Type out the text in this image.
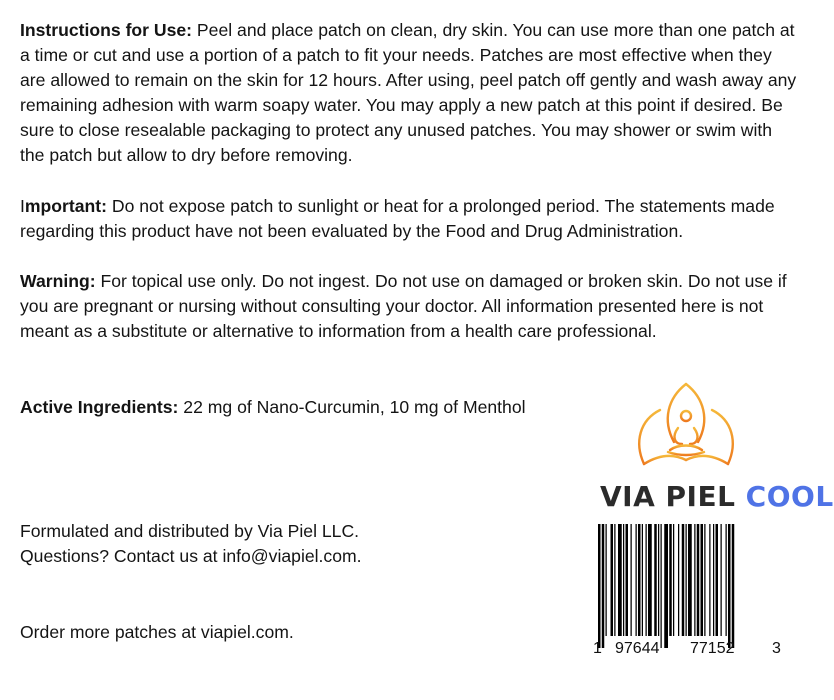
Instructions for Use: Peel and place patch on clean, dry skin. You can use more than one patch at a time or cut and use a portion of a patch to fit your needs. Patches are most effective when they are allowed to remain on the skin for 12 hours. After using, peel patch off gently and wash away any remaining adhesion with warm soapy water. You may apply a new patch at this point if desired. Be sure to close resealable packaging to protect any unused patches. You may shower or swim with the patch but allow to dry before removing.
Important: Do not expose patch to sunlight or heat for a prolonged period. The statements made regarding this product have not been evaluated by the Food and Drug Administration.
Warning: For topical use only. Do not ingest. Do not use on damaged or broken skin. Do not use if you are pregnant or nursing without consulting your doctor. All information presented here is not meant as a substitute or alternative to information from a health care professional.
Active Ingredients: 22 mg of Nano-Curcumin, 10 mg of Menthol
Formulated and distributed by Via Piel LLC.
Questions? Contact us at info@viapiel.com.
Order more patches at viapiel.com.
VIA PIEL COOL
1 97644 77152 3
